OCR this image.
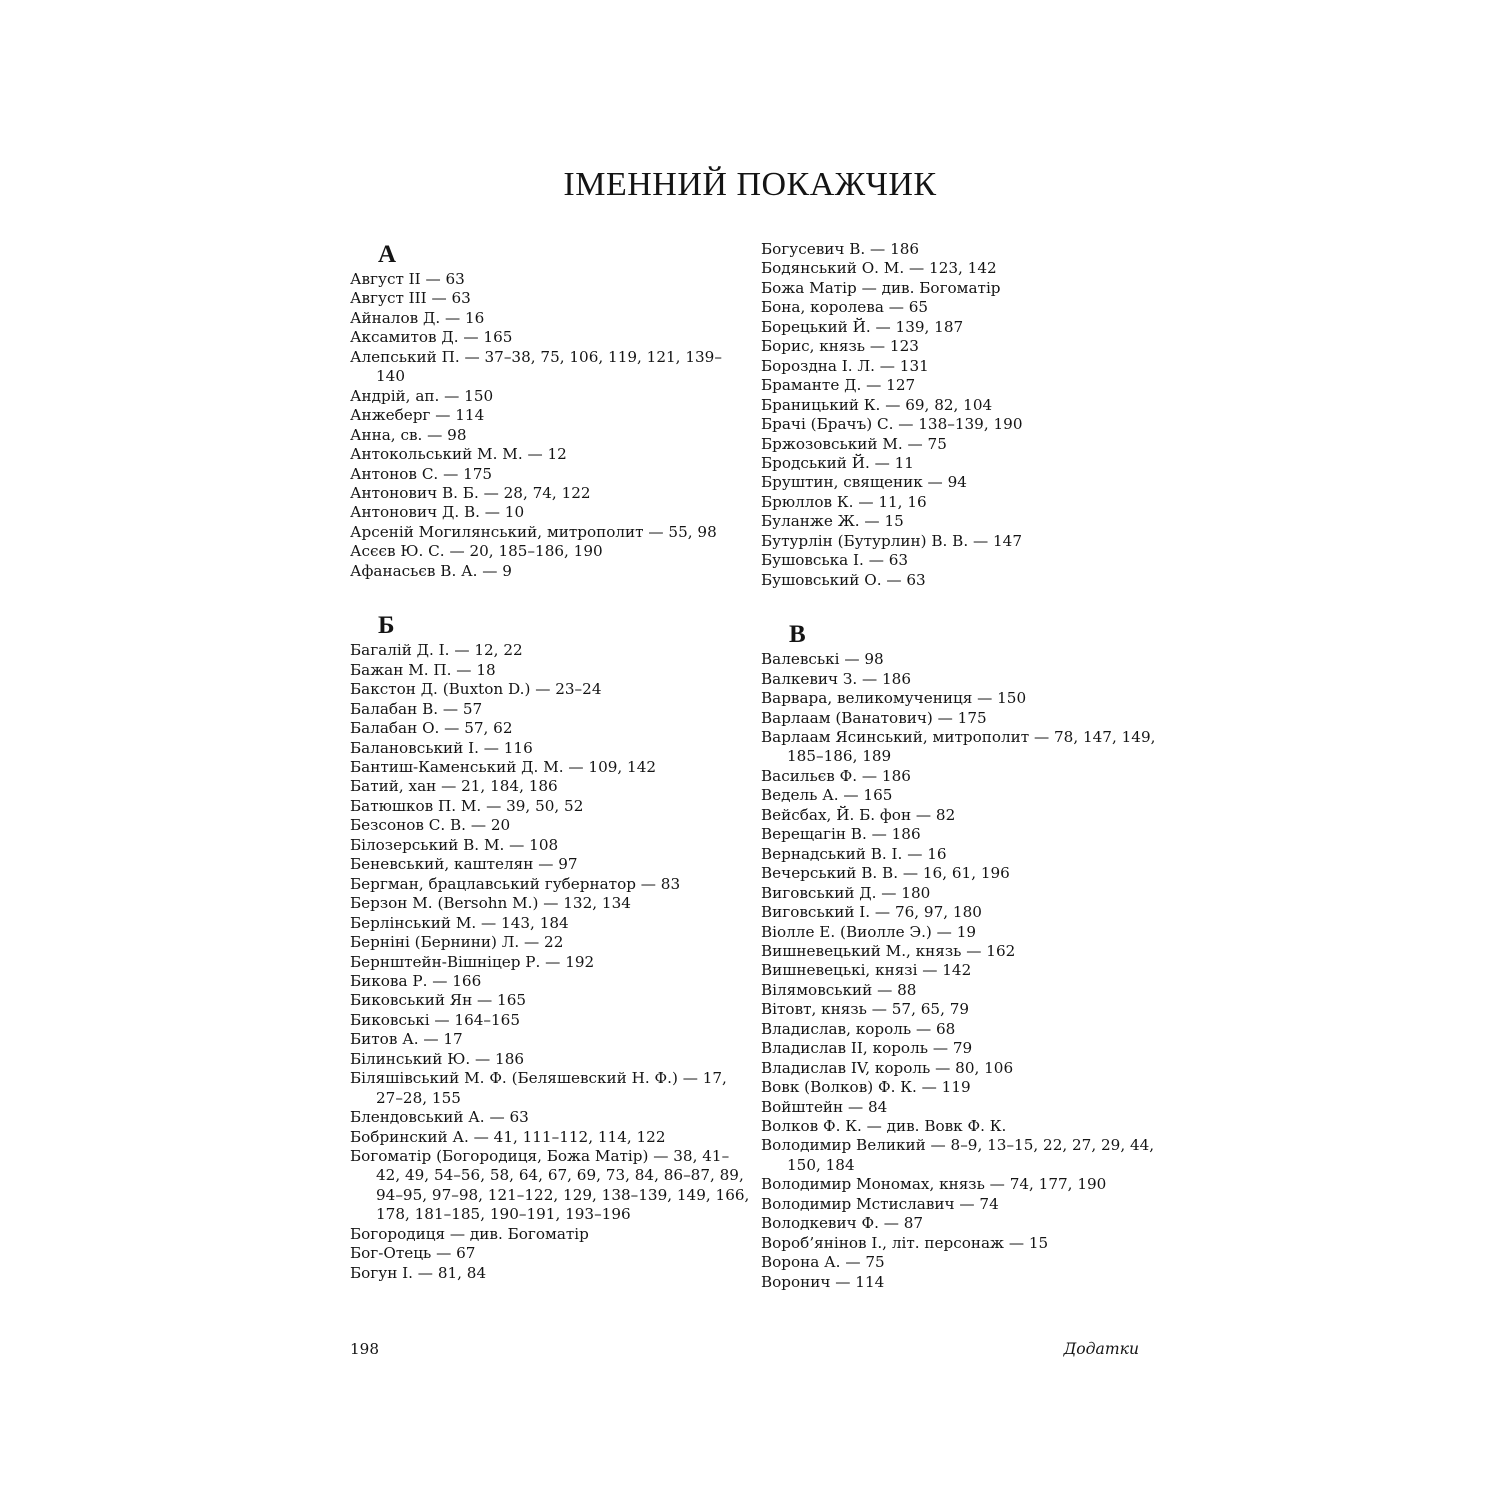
ІМЕННИЙ ПОКАЖЧИК
А
Август II — 63
Август III — 63
Айналов Д. — 16
Аксамитов Д. — 165
Алепський П. — 37–38, 75, 106, 119, 121, 139–140
Андрій, ап. — 150
Анжеберг — 114
Анна, св. — 98
Антокольський М. М. — 12
Антонов С. — 175
Антонович В. Б. — 28, 74, 122
Антонович Д. В. — 10
Арсеній Могилянський, митрополит — 55, 98
Асєєв Ю. С. — 20, 185–186, 190
Афанасьєв В. А. — 9
Б
Багалій Д. І. — 12, 22
Бажан М. П. — 18
Бакстон Д. (Buxton D.) — 23–24
Балабан В. — 57
Балабан О. — 57, 62
Балановський І. — 116
Бантиш-Каменський Д. М. — 109, 142
Батий, хан — 21, 184, 186
Батюшков П. М. — 39, 50, 52
Безсонов С. В. — 20
Білозерський В. М. — 108
Беневський, каштелян — 97
Бергман, брацлавський губернатор — 83
Берзон М. (Bersohn M.) — 132, 134
Берлінський М. — 143, 184
Берніні (Бернини) Л. — 22
Бернштейн-Вішніцер Р. — 192
Бикова Р. — 166
Биковський Ян — 165
Биковські — 164–165
Битов А. — 17
Білинський Ю. — 186
Біляшівський М. Ф. (Беляшевский Н. Ф.) — 17, 27–28, 155
Блендовський А. — 63
Бобринский А. — 41, 111–112, 114, 122
Богоматір (Богородиця, Божа Матір) — 38, 41–42, 49, 54–56, 58, 64, 67, 69, 73, 84, 86–87, 89, 94–95, 97–98, 121–122, 129, 138–139, 149, 166, 178, 181–185, 190–191, 193–196
Богородиця — див. Богоматір
Бог-Отець — 67
Богун І. — 81, 84
Богусевич В. — 186
Бодянський О. М. — 123, 142
Божа Матір — див. Богоматір
Бона, королева — 65
Борецький Й. — 139, 187
Борис, князь — 123
Бороздна І. Л. — 131
Браманте Д. — 127
Браницький К. — 69, 82, 104
Брачі (Брачъ) С. — 138–139, 190
Бржозовський М. — 75
Бродський Й. — 11
Бруштин, священик — 94
Брюллов К. — 11, 16
Буланже Ж. — 15
Бутурлін (Бутурлин) В. В. — 147
Бушовська І. — 63
Бушовський О. — 63
В
Валевські — 98
Валкевич З. — 186
Варвара, великомучениця — 150
Варлаам (Ванатович) — 175
Варлаам Ясинський, митрополит — 78, 147, 149, 185–186, 189
Васильєв Ф. — 186
Ведель А. — 165
Вейсбах, Й. Б. фон — 82
Верещагін В. — 186
Вернадський В. І. — 16
Вечерський В. В. — 16, 61, 196
Виговський Д. — 180
Виговський І. — 76, 97, 180
Віолле Е. (Виолле Э.) — 19
Вишневецький М., князь — 162
Вишневецькі, князі — 142
Вілямовський — 88
Вітовт, князь — 57, 65, 79
Владислав, король — 68
Владислав II, король — 79
Владислав IV, король — 80, 106
Вовк (Волков) Ф. К. — 119
Войштейн — 84
Волков Ф. К. — див. Вовк Ф. К.
Володимир Великий — 8–9, 13–15, 22, 27, 29, 44, 150, 184
Володимир Мономах, князь — 74, 177, 190
Володимир Мстиславич — 74
Володкевич Ф. — 87
Вороб’янінов І., літ. персонаж — 15
Ворона А. — 75
Воронич — 114
198	Додатки
